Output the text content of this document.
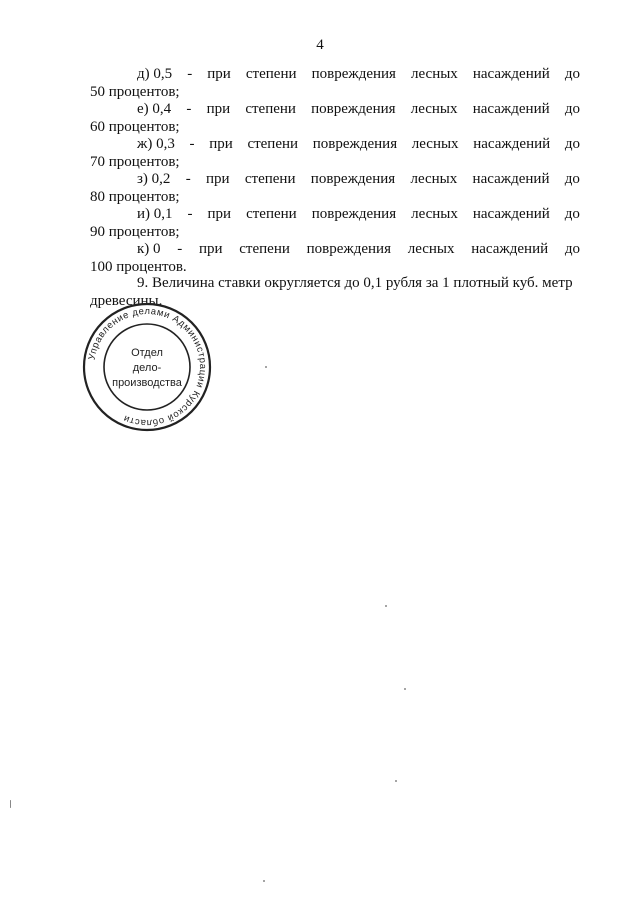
4
д) 0,5 - при степени повреждения лесных насаждений до
50 процентов;
е) 0,4 - при степени повреждения лесных насаждений до
60 процентов;
ж) 0,3 - при степени повреждения лесных насаждений до
70 процентов;
з) 0,2 - при степени повреждения лесных насаждений до
80 процентов;
и) 0,1 - при степени повреждения лесных насаждений до
90 процентов;
к) 0 - при степени повреждения лесных насаждений до
100 процентов.
9. Величина ставки округляется до 0,1 рубля за 1 плотный куб. метр древесины.
Управление делами Администрации Курской области
Отдел
дело-
производства
